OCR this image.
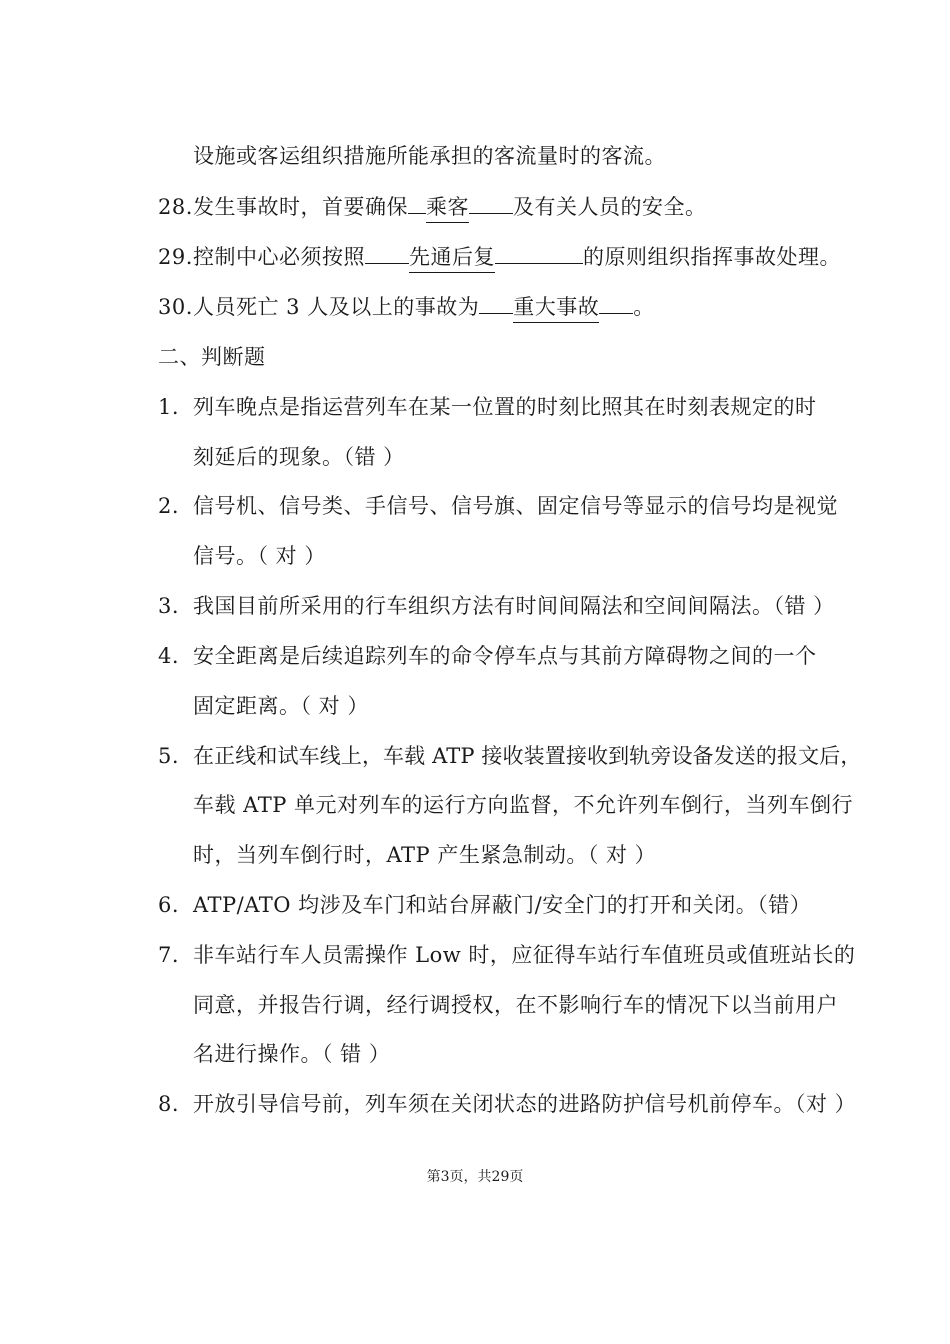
设施或客运组织措施所能承担的客流量时的客流。
28. 发生事故时，首要确保 乘客 及有关人员的安全。
29. 控制中心必须按照 先通后复	的原则组织指挥事故处理。
30. 人员死亡 3 人及以上的事故为 重大事故 。
二、判断题
1. 列车晚点是指运营列车在某一位置的时刻比照其在时刻表规定的时
刻延后的现象。（错 ）
2. 信号机、信号类、手信号、信号旗、固定信号等显示的信号均是视觉
信号。（ 对 ）
3. 我国目前所采用的行车组织方法有时间间隔法和空间间隔法。（错 ）
4. 安全距离是后续追踪列车的命令停车点与其前方障碍物之间的一个
固定距离。（ 对 ）
5. 在正线和试车线上，车载 ATP 接收装置接收到轨旁设备发送的报文后，
车载 ATP 单元对列车的运行方向监督，不允许列车倒行，当列车倒行
时，当列车倒行时，ATP 产生紧急制动。（ 对 ）
6. ATP/ATO 均涉及车门和站台屏蔽门/安全门的打开和关闭。（错）
7. 非车站行车人员需操作 Low 时，应征得车站行车值班员或值班站长的
同意，并报告行调，经行调授权，在不影响行车的情况下以当前用户
名进行操作。（ 错 ）
8. 开放引导信号前，列车须在关闭状态的进路防护信号机前停车。（对 ）
第3页，共29页
